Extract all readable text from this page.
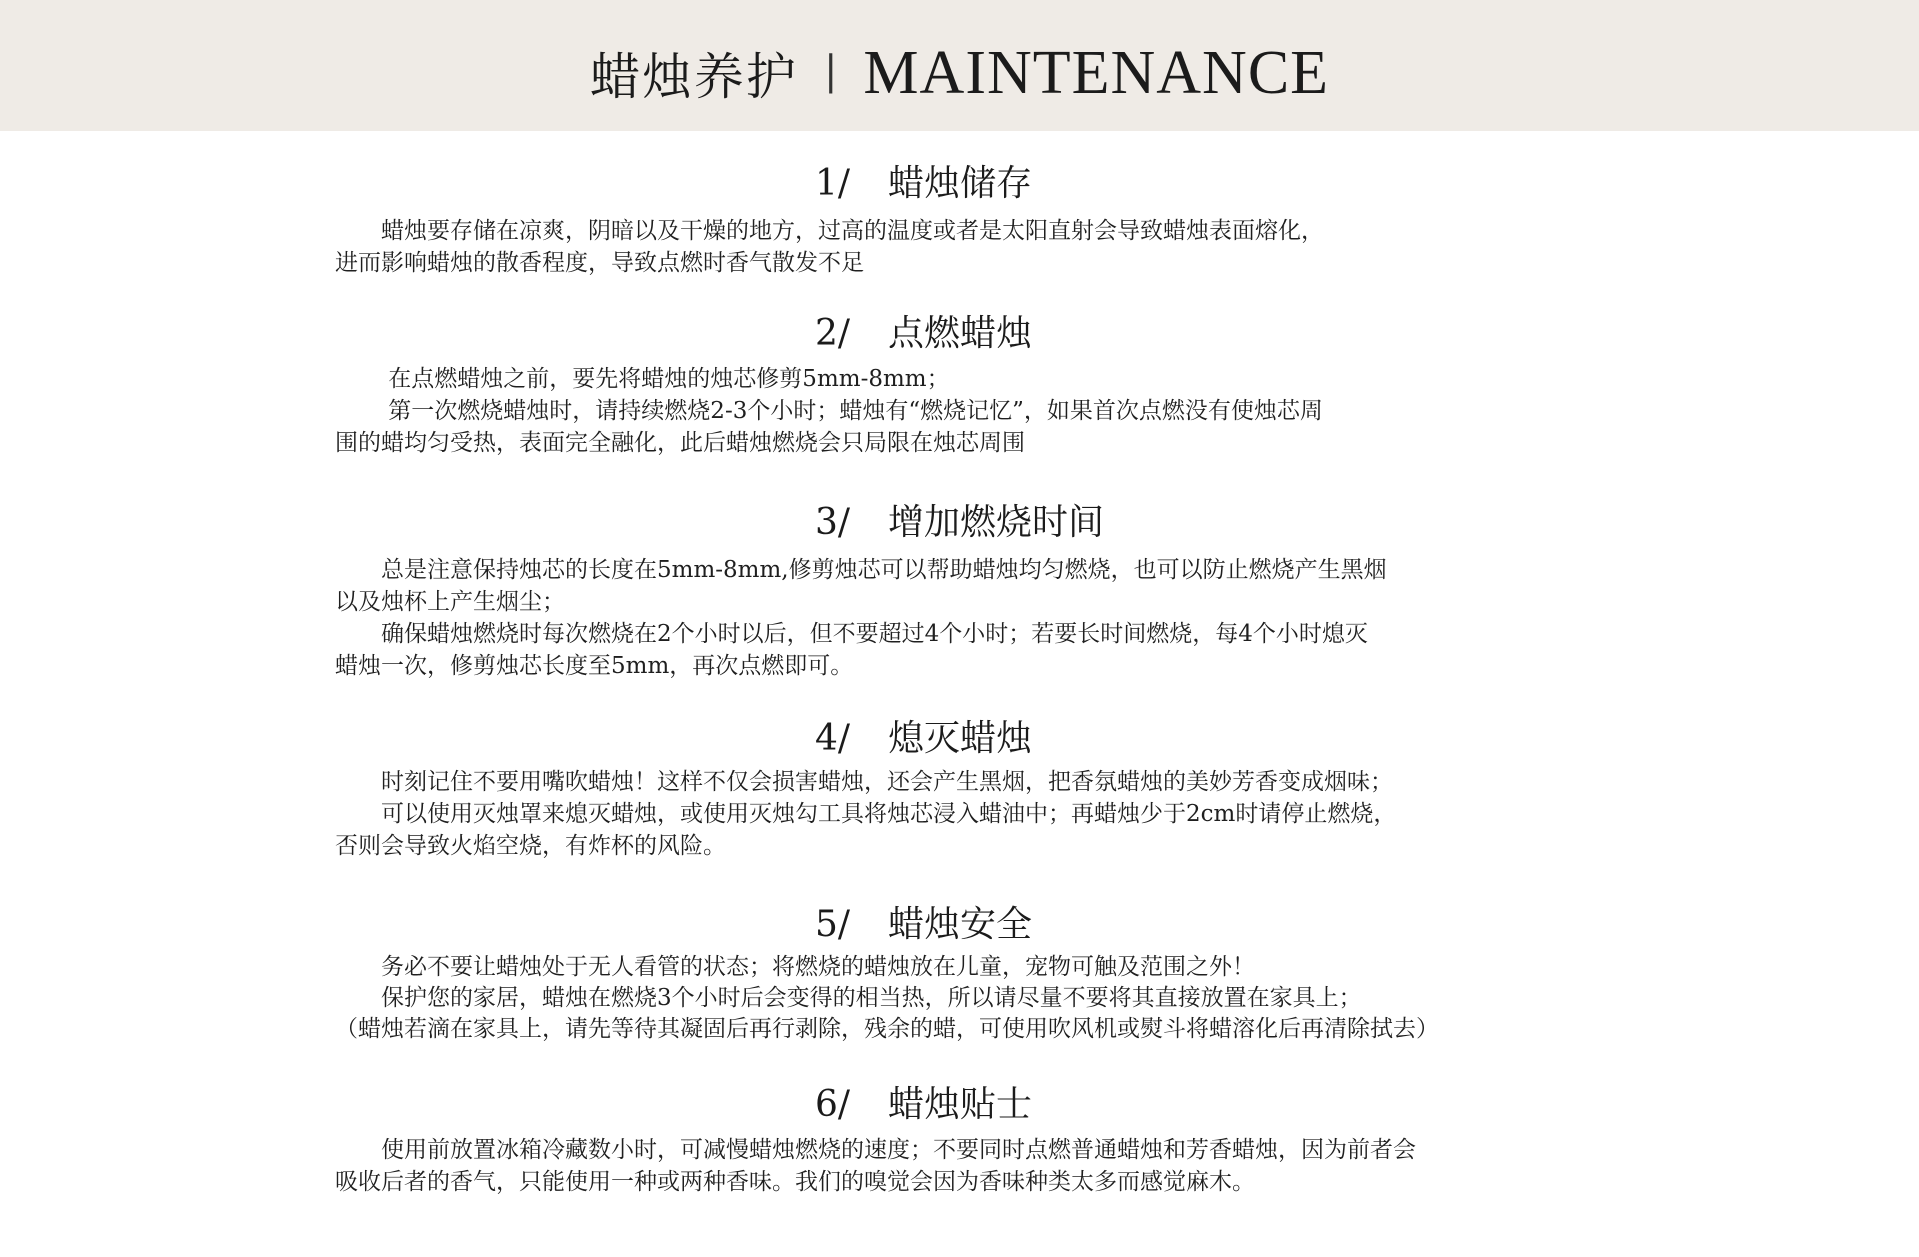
蜡烛养护 | MAINTENANCE
1/ 蜡烛储存
　　蜡烛要存储在凉爽，阴暗以及干燥的地方，过高的温度或者是太阳直射会导致蜡烛表面熔化，
进而影响蜡烛的散香程度，导致点燃时香气散发不足
2/ 点燃蜡烛
　　 在点燃蜡烛之前，要先将蜡烛的烛芯修剪5mm-8mm；
　　 第一次燃烧蜡烛时，请持续燃烧2-3个小时；蜡烛有“燃烧记忆”，如果首次点燃没有使烛芯周
围的蜡均匀受热，表面完全融化，此后蜡烛燃烧会只局限在烛芯周围
3/ 增加燃烧时间
　　总是注意保持烛芯的长度在5mm-8mm,修剪烛芯可以帮助蜡烛均匀燃烧，也可以防止燃烧产生黑烟
以及烛杯上产生烟尘；
　　确保蜡烛燃烧时每次燃烧在2个小时以后，但不要超过4个小时；若要长时间燃烧，每4个小时熄灭
蜡烛一次，修剪烛芯长度至5mm，再次点燃即可。
4/ 熄灭蜡烛
　　时刻记住不要用嘴吹蜡烛！这样不仅会损害蜡烛，还会产生黑烟，把香氛蜡烛的美妙芳香变成烟味；
　　可以使用灭烛罩来熄灭蜡烛，或使用灭烛勾工具将烛芯浸入蜡油中；再蜡烛少于2cm时请停止燃烧，
否则会导致火焰空烧，有炸杯的风险。
5/ 蜡烛安全
　　务必不要让蜡烛处于无人看管的状态；将燃烧的蜡烛放在儿童，宠物可触及范围之外！
　　保护您的家居，蜡烛在燃烧3个小时后会变得的相当热，所以请尽量不要将其直接放置在家具上；
（蜡烛若滴在家具上，请先等待其凝固后再行剥除，残余的蜡，可使用吹风机或熨斗将蜡溶化后再清除拭去）
6/ 蜡烛贴士
　　使用前放置冰箱冷藏数小时，可减慢蜡烛燃烧的速度；不要同时点燃普通蜡烛和芳香蜡烛，因为前者会
吸收后者的香气，只能使用一种或两种香味。我们的嗅觉会因为香味种类太多而感觉麻木。
